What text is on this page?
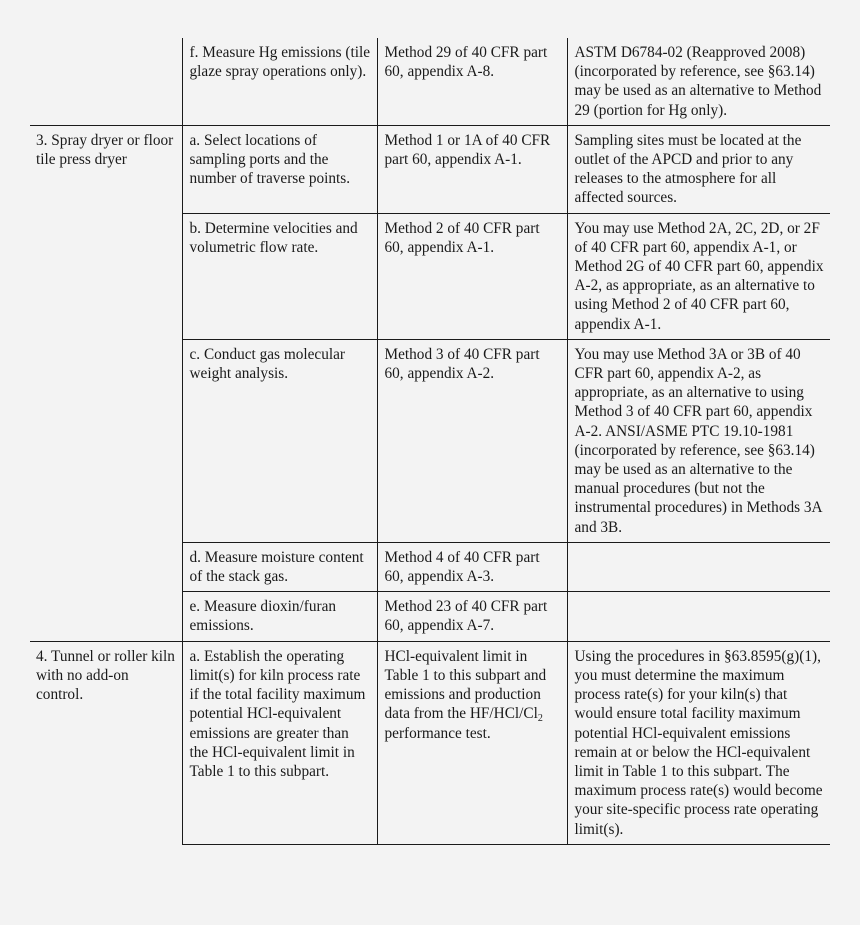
	f. Measure Hg emissions (tile glaze spray operations only).	Method 29 of 40 CFR part 60, appendix A-8.	ASTM D6784-02 (Reapproved 2008) (incorporated by reference, see §63.14) may be used as an alternative to Method 29 (portion for Hg only).
3. Spray dryer or floor tile press dryer	a. Select locations of sampling ports and the number of traverse points.	Method 1 or 1A of 40 CFR part 60, appendix A-1.	Sampling sites must be located at the outlet of the APCD and prior to any releases to the atmosphere for all affected sources.
	b. Determine velocities and volumetric flow rate.	Method 2 of 40 CFR part 60, appendix A-1.	You may use Method 2A, 2C, 2D, or 2F of 40 CFR part 60, appendix A-1, or Method 2G of 40 CFR part 60, appendix A-2, as appropriate, as an alternative to using Method 2 of 40 CFR part 60, appendix A-1.
	c. Conduct gas molecular weight analysis.	Method 3 of 40 CFR part 60, appendix A-2.	You may use Method 3A or 3B of 40 CFR part 60, appendix A-2, as appropriate, as an alternative to using Method 3 of 40 CFR part 60, appendix A-2. ANSI/ASME PTC 19.10-1981 (incorporated by reference, see §63.14) may be used as an alternative to the manual procedures (but not the instrumental procedures) in Methods 3A and 3B.
	d. Measure moisture content of the stack gas.	Method 4 of 40 CFR part 60, appendix A-3.	
	e. Measure dioxin/furan emissions.	Method 23 of 40 CFR part 60, appendix A-7.	
4. Tunnel or roller kiln with no add-on control.	a. Establish the operating limit(s) for kiln process rate if the total facility maximum potential HCl-equivalent emissions are greater than the HCl-equivalent limit in Table 1 to this subpart.	HCl-equivalent limit in Table 1 to this subpart and emissions and production data from the $HF/HCl/Cl_2$ performance test.	Using the procedures in §63.8595(g)(1), you must determine the maximum process rate(s) for your kiln(s) that would ensure total facility maximum potential HCl-equivalent emissions remain at or below the HCl-equivalent limit in Table 1 to this subpart. The maximum process rate(s) would become your site-specific process rate operating limit(s).
